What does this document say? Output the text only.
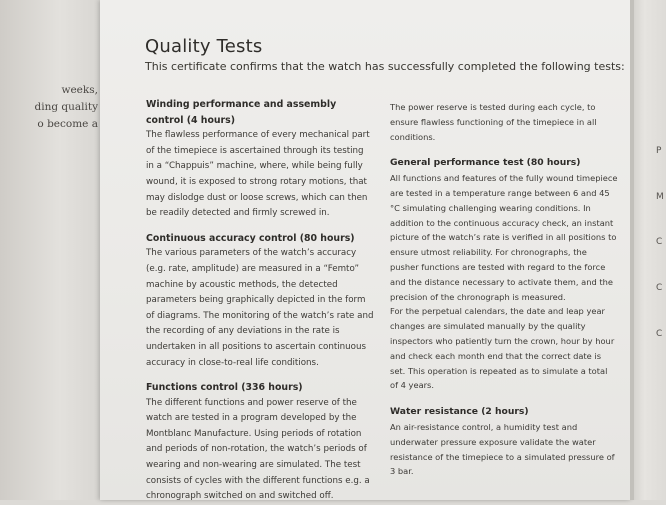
weeks,
ding quality
o become a
Quality Tests
This certificate confirms that the watch has successfully completed the following tests:
Winding performance and assembly control (4 hours)

The flawless performance of every mechanical part of the timepiece is ascertained through its testing in a “Chappuis” machine, where, while being fully wound, it is exposed to strong rotary motions, that may dislodge dust or loose screws, which can then be readily detected and firmly screwed in.

Continuous accuracy control (80 hours)

The various parameters of the watch’s accuracy (e.g. rate, amplitude) are measured in a “Femto” machine by acoustic methods, the detected parameters being graphically depicted in the form of diagrams. The monitoring of the watch’s rate and the recording of any deviations in the rate is undertaken in all positions to ascertain continuous accuracy in close-to-real life conditions.

Functions control (336 hours)

The different functions and power reserve of the watch are tested in a program developed by the Montblanc Manufacture. Using periods of rotation and periods of non-rotation, the watch’s periods of wearing and non-wearing are simulated. The test consists of cycles with the different functions e.g. a chronograph switched on and switched off.

The power reserve is tested during each cycle, to ensure flawless functioning of the timepiece in all conditions.

General performance test (80 hours)

All functions and features of the fully wound timepiece are tested in a temperature range between 6 and 45 °C simulating challenging wearing conditions. In addition to the continuous accuracy check, an instant picture of the watch’s rate is verified in all positions to ensure utmost reliability. For chronographs, the pusher functions are tested with regard to the force and the distance necessary to activate them, and the precision of the chronograph is measured.

For the perpetual calendars, the date and leap year changes are simulated manually by the quality inspectors who patiently turn the crown, hour by hour and check each month end that the correct date is set. This operation is repeated as to simulate a total of 4 years.

Water resistance (2 hours)

An air-resistance control, a humidity test and underwater pressure exposure validate the water resistance of the timepiece to a simulated pressure of 3 bar.

P
M
C
C
C
